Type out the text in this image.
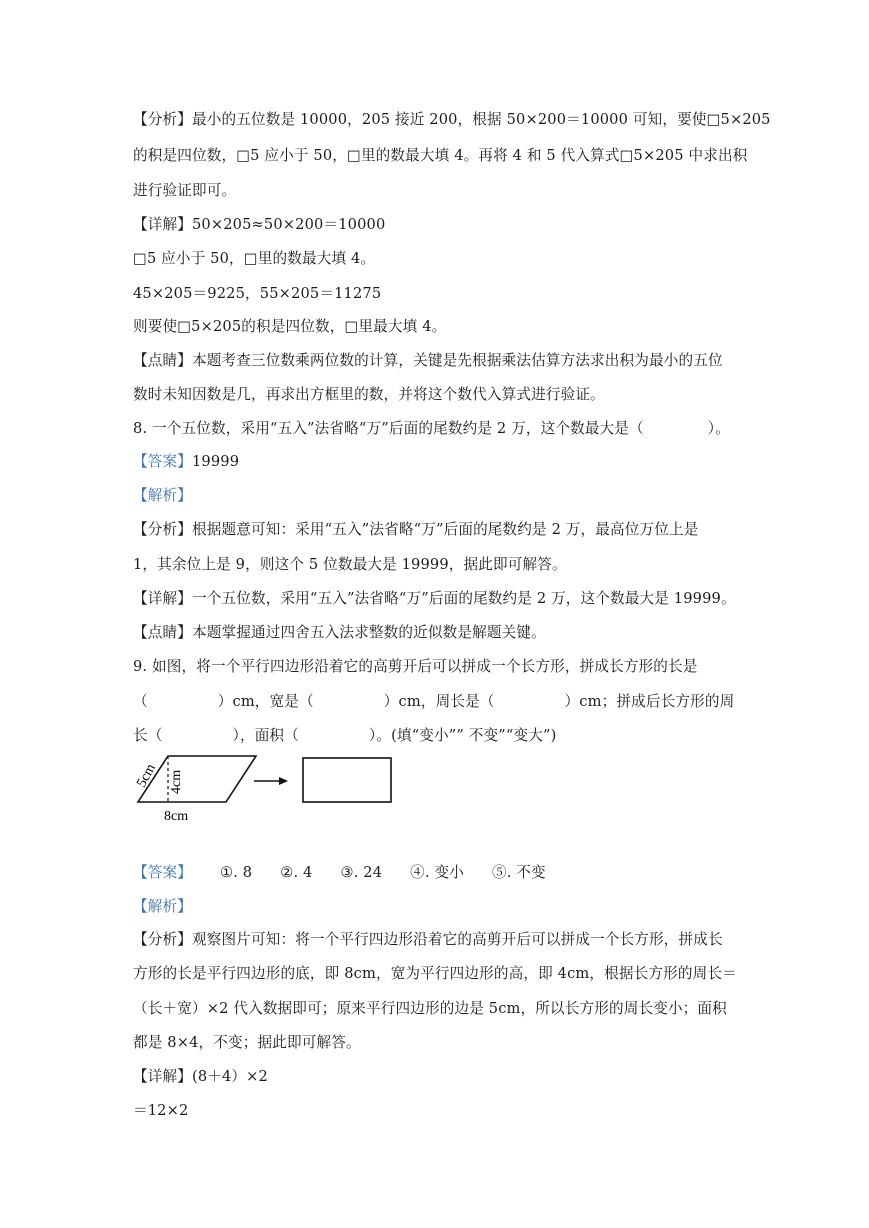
【分析】最小的五位数是 10000，205 接近 200，根据 50×200＝10000 可知，要使□5×205
的积是四位数，□5 应小于 50，□里的数最大填 4。再将 4 和 5 代入算式□5×205 中求出积
进行验证即可。
【详解】50×205≈50×200＝10000
□5 应小于 50，□里的数最大填 4。
45×205＝9225，55×205＝11275
则要使□5×205的积是四位数，□里最大填 4。
【点睛】本题考查三位数乘两位数的计算，关键是先根据乘法估算方法求出积为最小的五位
数时未知因数是几，再求出方框里的数，并将这个数代入算式进行验证。
8. 一个五位数，采用“五入”法省略“万”后面的尾数约是 2 万，这个数最大是（	）。
【答案】19999
【解析】
【分析】根据题意可知：采用“五入”法省略“万”后面的尾数约是 2 万，最高位万位上是
1，其余位上是 9，则这个 5 位数最大是 19999，据此即可解答。
【详解】一个五位数，采用“五入”法省略“万”后面的尾数约是 2 万，这个数最大是 19999。
【点睛】本题掌握通过四舍五入法求整数的近似数是解题关键。
9. 如图，将一个平行四边形沿着它的高剪开后可以拼成一个长方形，拼成长方形的长是
（	）cm，宽是（	）cm，周长是（	）cm；拼成后长方形的周
长（	），面积（	）。(填“变小”” 不变”“变大”)
5cm 4cm
8cm
【答案】 ①. 8 ②. 4 ③. 24 ④. 变小 ⑤. 不变
【解析】
【分析】观察图片可知：将一个平行四边形沿着它的高剪开后可以拼成一个长方形，拼成长
方形的长是平行四边形的底，即 8cm，宽为平行四边形的高，即 4cm，根据长方形的周长＝
（长＋宽）×2 代入数据即可；原来平行四边形的边是 5cm，所以长方形的周长变小；面积
都是 8×4，不变；据此即可解答。
【详解】(8＋4）×2
＝12×2
